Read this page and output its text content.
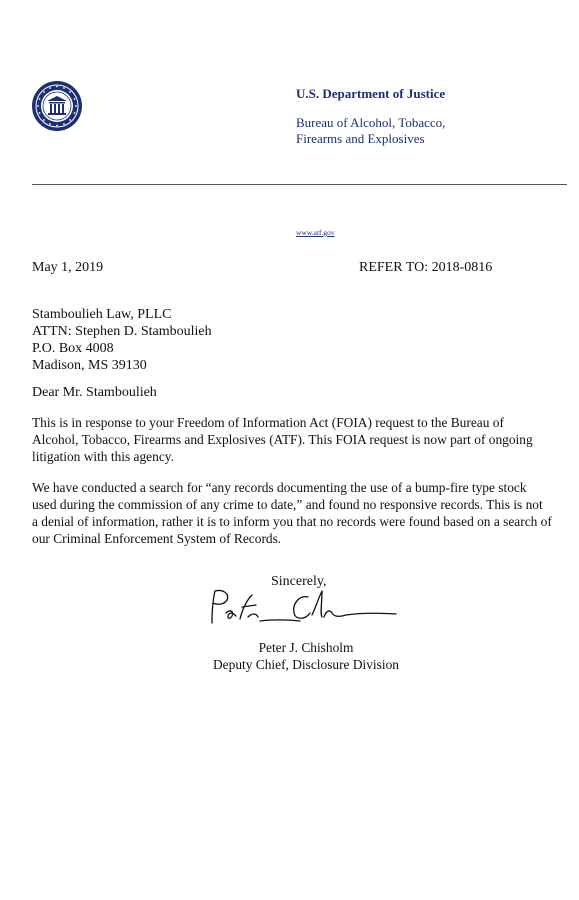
U.S. Department of Justice
Bureau of Alcohol, Tobacco,
Firearms and Explosives
www.atf.gov
May 1, 2019	REFER TO: 2018-0816
Stamboulieh Law, PLLC
ATTN: Stephen D. Stamboulieh
P.O. Box 4008
Madison, MS 39130
Dear Mr. Stamboulieh
This is in response to your Freedom of Information Act (FOIA) request to the Bureau of
Alcohol, Tobacco, Firearms and Explosives (ATF). This FOIA request is now part of ongoing
litigation with this agency.
We have conducted a search for “any records documenting the use of a bump-fire type stock
used during the commission of any crime to date,” and found no responsive records. This is not
a denial of information, rather it is to inform you that no records were found based on a search of
our Criminal Enforcement System of Records.
Sincerely,
Peter J. Chisholm
Deputy Chief, Disclosure Division
